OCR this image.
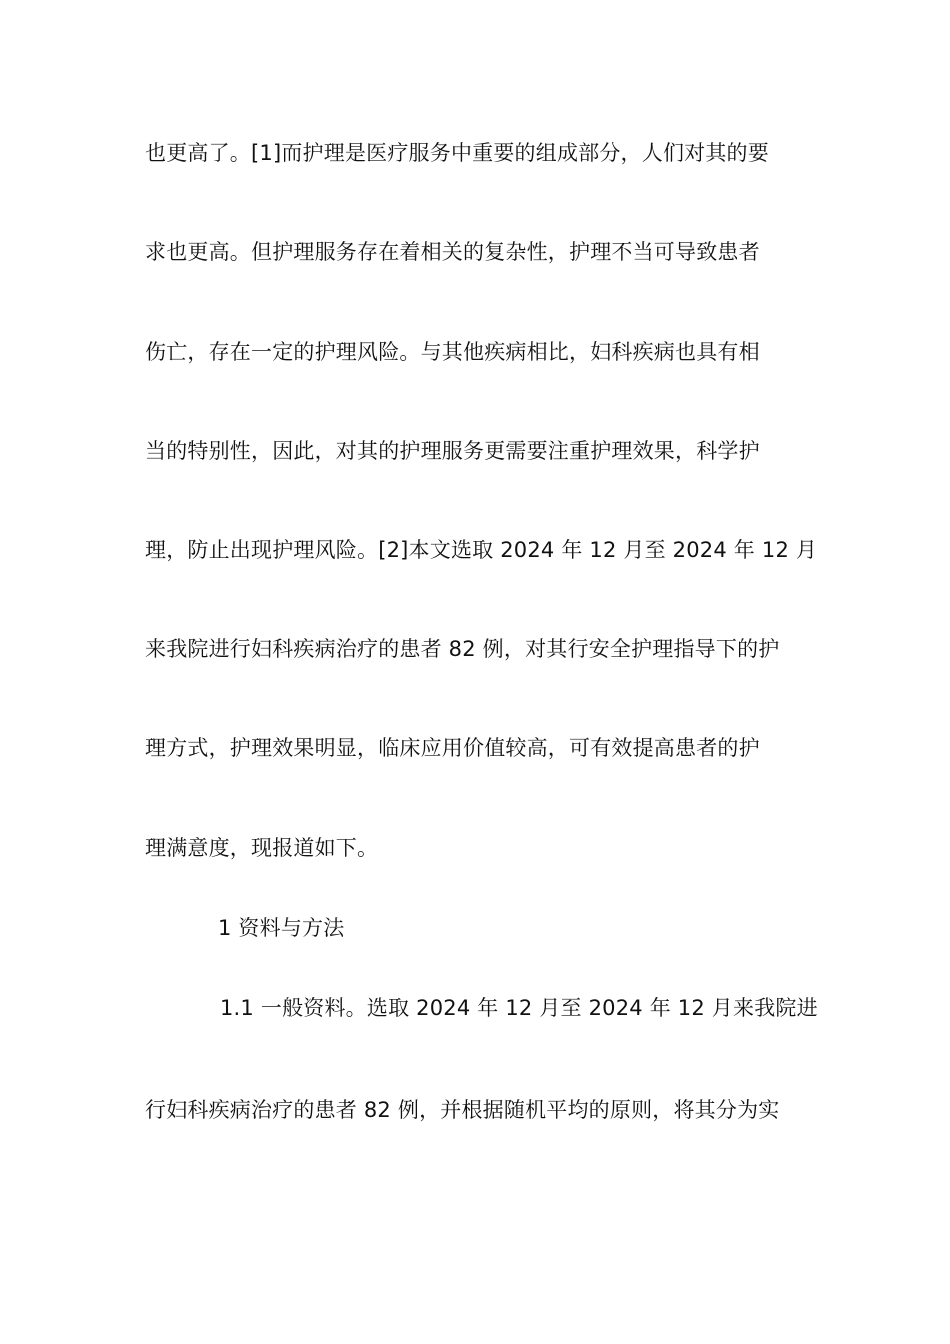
也更高了。[1]而护理是医疗服务中重要的组成部分，人们对其的要
求也更高。但护理服务存在着相关的复杂性，护理不当可导致患者
伤亡，存在一定的护理风险。与其他疾病相比，妇科疾病也具有相
当的特别性，因此，对其的护理服务更需要注重护理效果，科学护
理，防止出现护理风险。[2]本文选取 2024 年 12 月至 2024 年 12 月
来我院进行妇科疾病治疗的患者 82 例，对其行安全护理指导下的护
理方式，护理效果明显，临床应用价值较高，可有效提高患者的护
理满意度，现报道如下。
1 资料与方法
1.1 一般资料。选取 2024 年 12 月至 2024 年 12 月来我院进
行妇科疾病治疗的患者 82 例，并根据随机平均的原则，将其分为实
